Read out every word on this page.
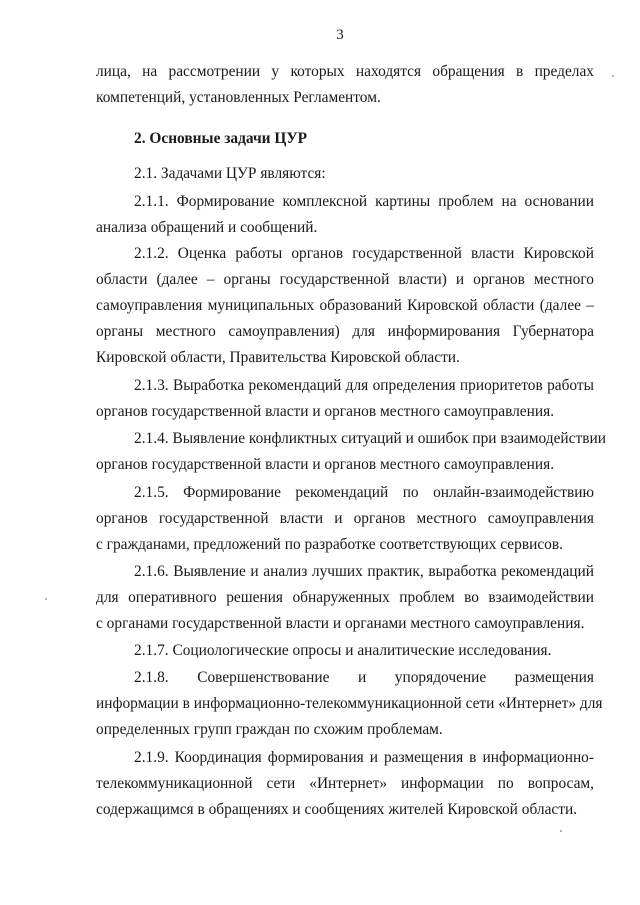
3
лица, на рассмотрении у которых находятся обращения в пределах
компетенций, установленных Регламентом.
2. Основные задачи ЦУР
2.1. Задачами ЦУР являются:
2.1.1. Формирование комплексной картины проблем на основании
анализа обращений и сообщений.
2.1.2. Оценка работы органов государственной власти Кировской
области (далее – органы государственной власти) и органов местного
самоуправления муниципальных образований Кировской области (далее –
органы местного самоуправления) для информирования Губернатора
Кировской области, Правительства Кировской области.
2.1.3. Выработка рекомендаций для определения приоритетов работы
органов государственной власти и органов местного самоуправления.
2.1.4. Выявление конфликтных ситуаций и ошибок при взаимодействии
органов государственной власти и органов местного самоуправления.
2.1.5. Формирование рекомендаций по онлайн-взаимодействию
органов государственной власти и органов местного самоуправления
с гражданами, предложений по разработке соответствующих сервисов.
2.1.6. Выявление и анализ лучших практик, выработка рекомендаций
для оперативного решения обнаруженных проблем во взаимодействии
с органами государственной власти и органами местного самоуправления.
2.1.7. Социологические опросы и аналитические исследования.
2.1.8. Совершенствование и упорядочение размещения
информации в информационно-телекоммуникационной сети «Интернет» для
определенных групп граждан по схожим проблемам.
2.1.9. Координация формирования и размещения в информационно-
телекоммуникационной сети «Интернет» информации по вопросам,
содержащимся в обращениях и сообщениях жителей Кировской области.
